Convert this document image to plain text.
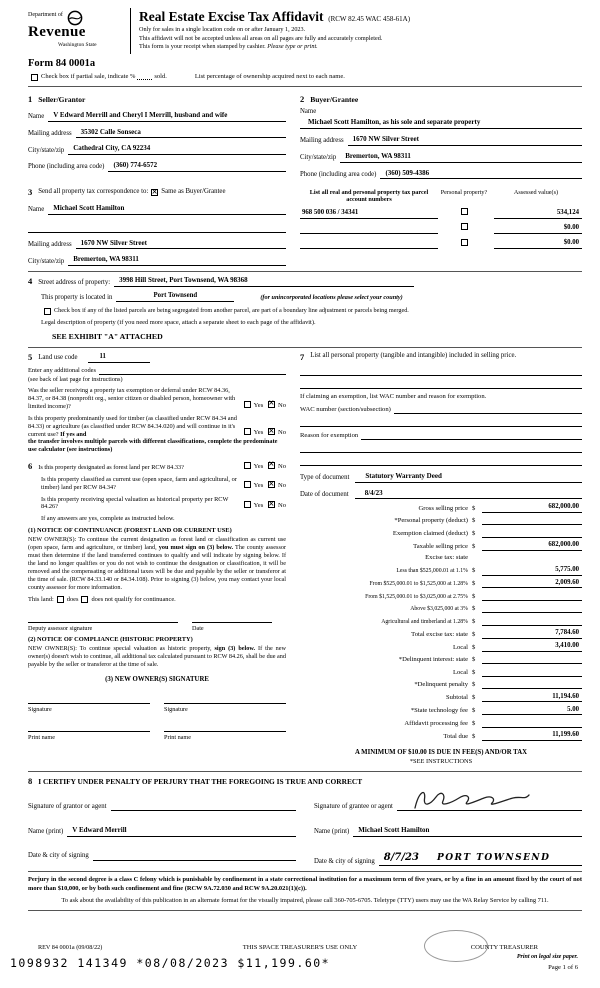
Department of
Revenue
Washington State
Real Estate Excise Tax Affidavit (RCW 82.45 WAC 458-61A)
Only for sales in a single location code on or after January 1, 2023.
This affidavit will not be accepted unless all areas on all pages are fully and accurately completed.
This form is your receipt when stamped by cashier. Please type or print.
Form 84 0001a
Check box if partial sale, indicate %	sold.	List percentage of ownership acquired next to each name.
1 Seller/Grantor
Name	V Edward Merrill and Cheryl I Merrill, husband and wife
Mailing address	35302 Calle Sonseca
City/state/zip	Cathedral City, CA 92234
Phone (including area code)	(360) 774-6572
2 Buyer/Grantee
Name
Michael Scott Hamilton, as his sole and separate property
Mailing address	1670 NW Silver Street
City/state/zip	Bremerton, WA 98311
Phone (including area code)	(360) 509-4386
3 Send all property tax correspondence to: × Same as Buyer/Grantee
Name	Michael Scott Hamilton
Mailing address	1670 NW Silver Street
City/state/zip	Bremerton, WA 98311
List all real and personal property tax parcel account numbers
Personal property?	Assessed value(s)
968 500 036 / 34341	534,124
$0.00
$0.00
4 Street address of property:	3998 Hill Street, Port Townsend, WA 98368
This property is located in	Port Townsend	(for unincorporated locations please select your county)
Check box if any of the listed parcels are being segregated from another parcel, are part of a boundary line adjustment or parcels being merged.
Legal description of property (if you need more space, attach a separate sheet to each page of the affidavit).
SEE EXHIBIT "A" ATTACHED
5 Land use code	11
Enter any additional codes
(see back of last page for instructions)
Was the seller receiving a property tax exemption or deferral under RCW 84.36, 84.37, or 84.38 (nonprofit org., senior citizen or disabled person, homeowner with limited income)?	Yes × No
Is this property predominantly used for timber (as classified under RCW 84.34 and 84.33) or agriculture (as classified under RCW 84.34.020) and will continue in it's current use? If yes and	Yes × No
the transfer involves multiple parcels with different classifications, complete the predominate use calculator (see instructions)
6 Is this property designated as forest land per RCW 84.33?	Yes × No
Is this property classified as current use (open space, farm and agricultural, or timber) land per RCW 84.34?	Yes × No
Is this property receiving special valuation as historical property per RCW 84.26?	Yes × No
If any answers are yes, complete as instructed below.
(1) NOTICE OF CONTINUANCE (FOREST LAND OR CURRENT USE)
NEW OWNER(S): To continue the current designation as forest land or classification as current use (open space, farm and agriculture, or timber) land, you must sign on (3) below. The county assessor must then determine if the land transferred continues to qualify and will indicate by signing below. If the land no longer qualifies or you do not wish to continue the designation or classification, it will be removed and the compensating or additional taxes will be due and payable by the seller or transferor at the time of sale. (RCW 84.33.140 or 84.34.108). Prior to signing (3) below, you may contact your local county assessor for more information.
This land: does does not qualify for continuance.
Deputy assessor signature	Date
(2) NOTICE OF COMPLIANCE (HISTORIC PROPERTY)
NEW OWNER(S): To continue special valuation as historic property, sign (3) below. If the new owner(s) doesn't wish to continue, all additional tax calculated pursuant to RCW 84.26, shall be due and payable by the seller or transferor at the time of sale.
(3) NEW OWNER(S) SIGNATURE
Signature	Signature
Print name	Print name
7 List all personal property (tangible and intangible) included in selling price.
If claiming an exemption, list WAC number and reason for exemption.
WAC number (section/subsection)
Reason for exemption
Type of document	Statutory Warranty Deed
Date of document	8/4/23
Gross selling price $	682,000.00
*Personal property (deduct) $
Exemption claimed (deduct) $
Taxable selling price $	682,000.00
Excise tax: state
Less than $525,000.01 at 1.1% $	5,775.00
From $525,000.01 to $1,525,000 at 1.28% $	2,009.60
From $1,525,000.01 to $3,025,000 at 2.75% $
Above $3,025,000 at 3% $
Agricultural and timberland at 1.28% $
Total excise tax: state $	7,784.60
Local $	3,410.00
*Delinquent interest: state $
Local $
*Delinquent penalty $
Subtotal $	11,194.60
*State technology fee $	5.00
Affidavit processing fee $
Total due $	11,199.60
A MINIMUM OF $10.00 IS DUE IN FEE(S) AND/OR TAX
*SEE INSTRUCTIONS
8 I CERTIFY UNDER PENALTY OF PERJURY THAT THE FOREGOING IS TRUE AND CORRECT
Signature of grantor or agent
Name (print)	V Edward Merrill
Date & city of signing
Signature of grantee or agent
Name (print)	Michael Scott Hamilton
Date & city of signing 8/7/23 PORT TOWNSEND
Perjury in the second degree is a class C felony which is punishable by confinement in a state correctional institution for a maximum term of five years, or by a fine in an amount fixed by the court of not more than $10,000, or by both such confinement and fine (RCW 9A.72.030 and RCW 9A.20.021(1)(c)).
To ask about the availability of this publication in an alternate format for the visually impaired, please call 360-705-6705. Teletype (TTY) users may use the WA Relay Service by calling 711.
REV 84 0001a (09/08/22)	THIS SPACE TREASURER'S USE ONLY	COUNTY TREASURER
Print on legal size paper.
Page 1 of 6
1098932 141349 *08/08/2023 $11,199.60*
